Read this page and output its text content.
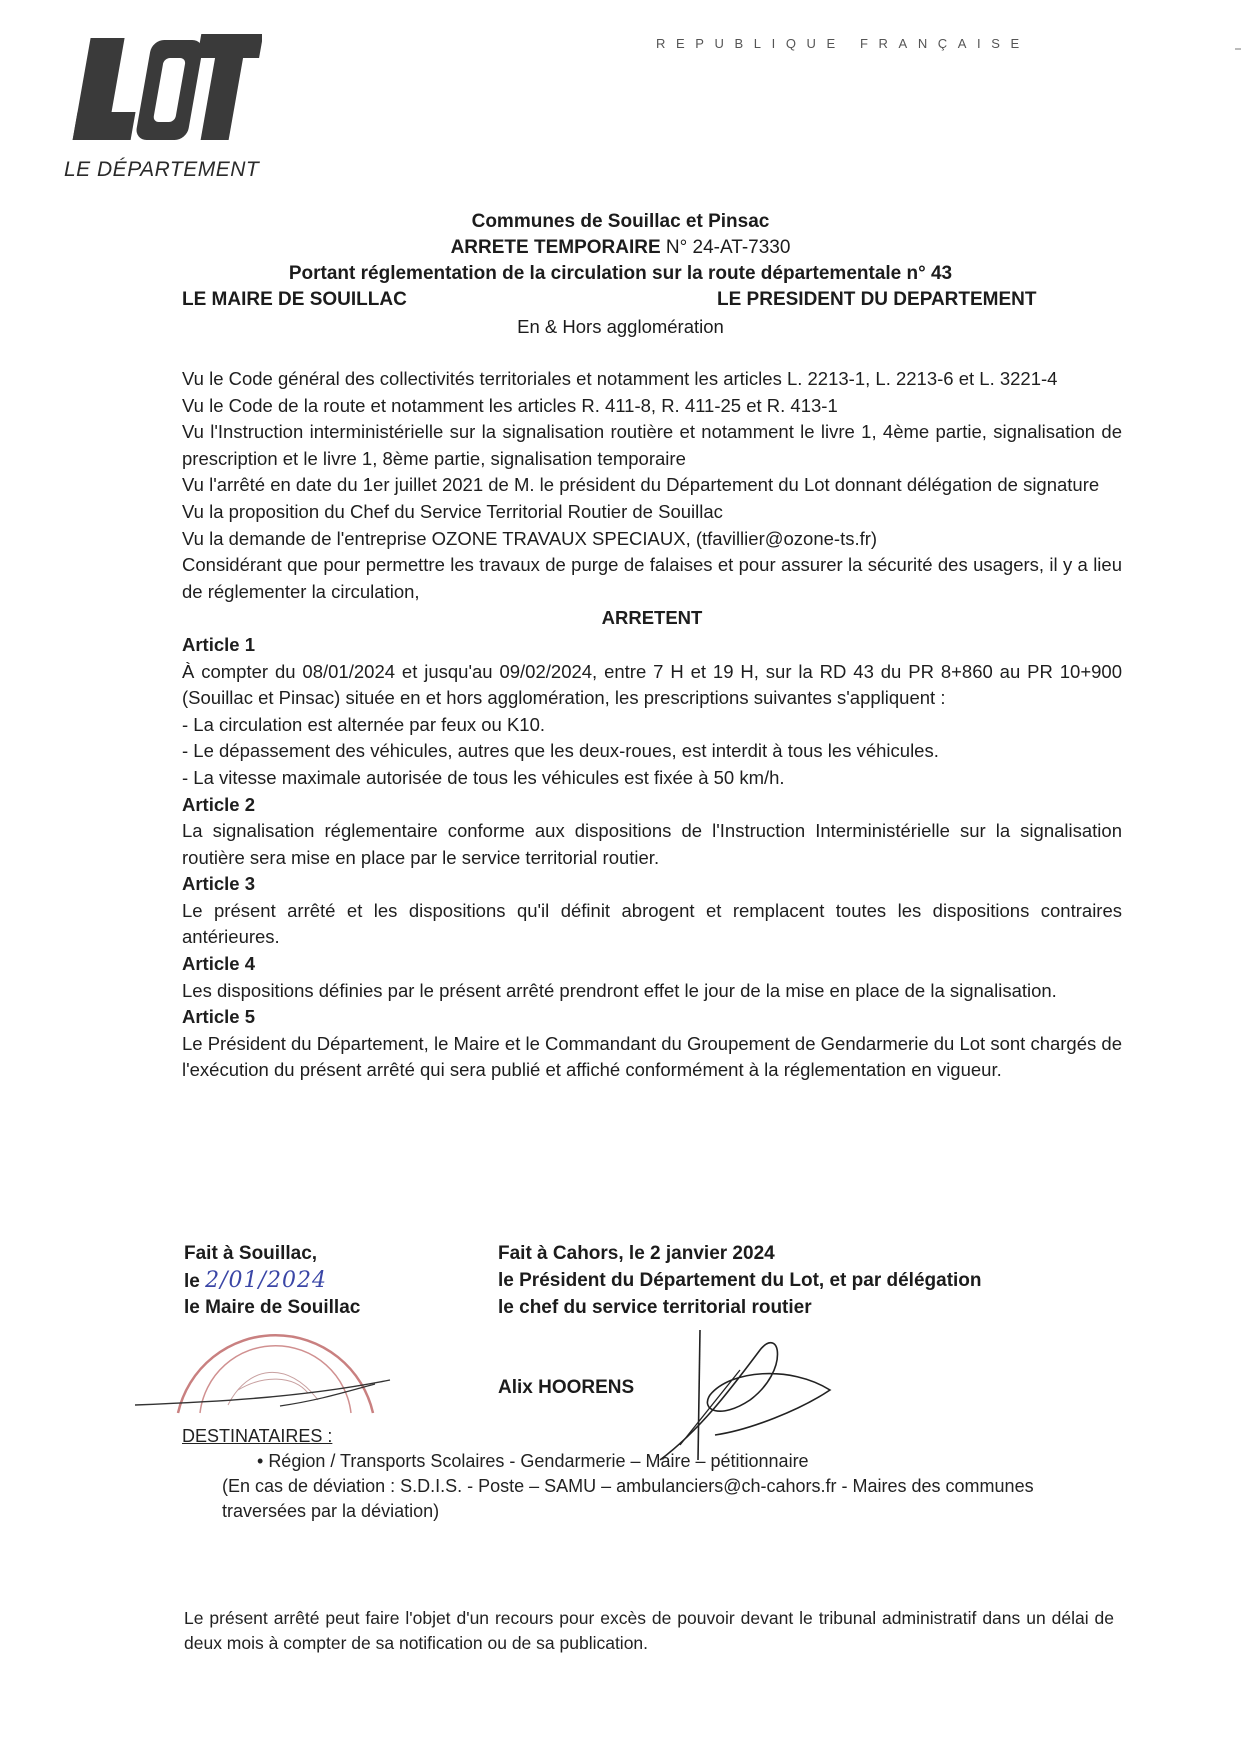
LE DÉPARTEMENT
REPUBLIQUE FRANÇAISE
Communes de Souillac et Pinsac
ARRETE TEMPORAIRE N° 24-AT-7330
Portant réglementation de la circulation sur la route départementale n° 43
LE MAIRE DE SOUILLAC	LE PRESIDENT DU DEPARTEMENT
En & Hors agglomération

Vu le Code général des collectivités territoriales et notamment les articles L. 2213-1, L. 2213-6 et L. 3221-4

Vu le Code de la route et notamment les articles R. 411-8, R. 411-25 et R. 413-1

Vu l'Instruction interministérielle sur la signalisation routière et notamment le livre 1, 4ème partie, signalisation de prescription et le livre 1, 8ème partie, signalisation temporaire

Vu l'arrêté en date du 1er juillet 2021 de M. le président du Département du Lot donnant délégation de signature

Vu la proposition du Chef du Service Territorial Routier de Souillac

Vu la demande de l'entreprise OZONE TRAVAUX SPECIAUX, (tfavillier@ozone-ts.fr)

Considérant que pour permettre les travaux de purge de falaises et pour assurer la sécurité des usagers, il y a lieu de réglementer la circulation,

ARRETENT

Article 1

À compter du 08/01/2024 et jusqu'au 09/02/2024, entre 7 H et 19 H, sur la RD 43 du PR 8+860 au PR 10+900 (Souillac et Pinsac) située en et hors agglomération, les prescriptions suivantes s'appliquent :

- La circulation est alternée par feux ou K10.

- Le dépassement des véhicules, autres que les deux-roues, est interdit à tous les véhicules.

- La vitesse maximale autorisée de tous les véhicules est fixée à 50 km/h.

Article 2

La signalisation réglementaire conforme aux dispositions de l'Instruction Interministérielle sur la signalisation routière sera mise en place par le service territorial routier.

Article 3

Le présent arrêté et les dispositions qu'il définit abrogent et remplacent toutes les dispositions contraires antérieures.

Article 4

Les dispositions définies par le présent arrêté prendront effet le jour de la mise en place de la signalisation.

Article 5

Le Président du Département, le Maire et le Commandant du Groupement de Gendarmerie du Lot sont chargés de l'exécution du présent arrêté qui sera publié et affiché conformément à la réglementation en vigueur.

Fait à Souillac,
le 2/01/2024
le Maire de Souillac
Fait à Cahors, le 2 janvier 2024
le Président du Département du Lot, et par délégation
le chef du service territorial routier
Alix HOORENS
DESTINATAIRES :
• Région / Transports Scolaires - Gendarmerie – Maire – pétitionnaire
(En cas de déviation : S.D.I.S. - Poste – SAMU – ambulanciers@ch-cahors.fr - Maires des communes
traversées par la déviation)
Le présent arrêté peut faire l'objet d'un recours pour excès de pouvoir devant le tribunal administratif dans un délai de deux mois à compter de sa notification ou de sa publication.
